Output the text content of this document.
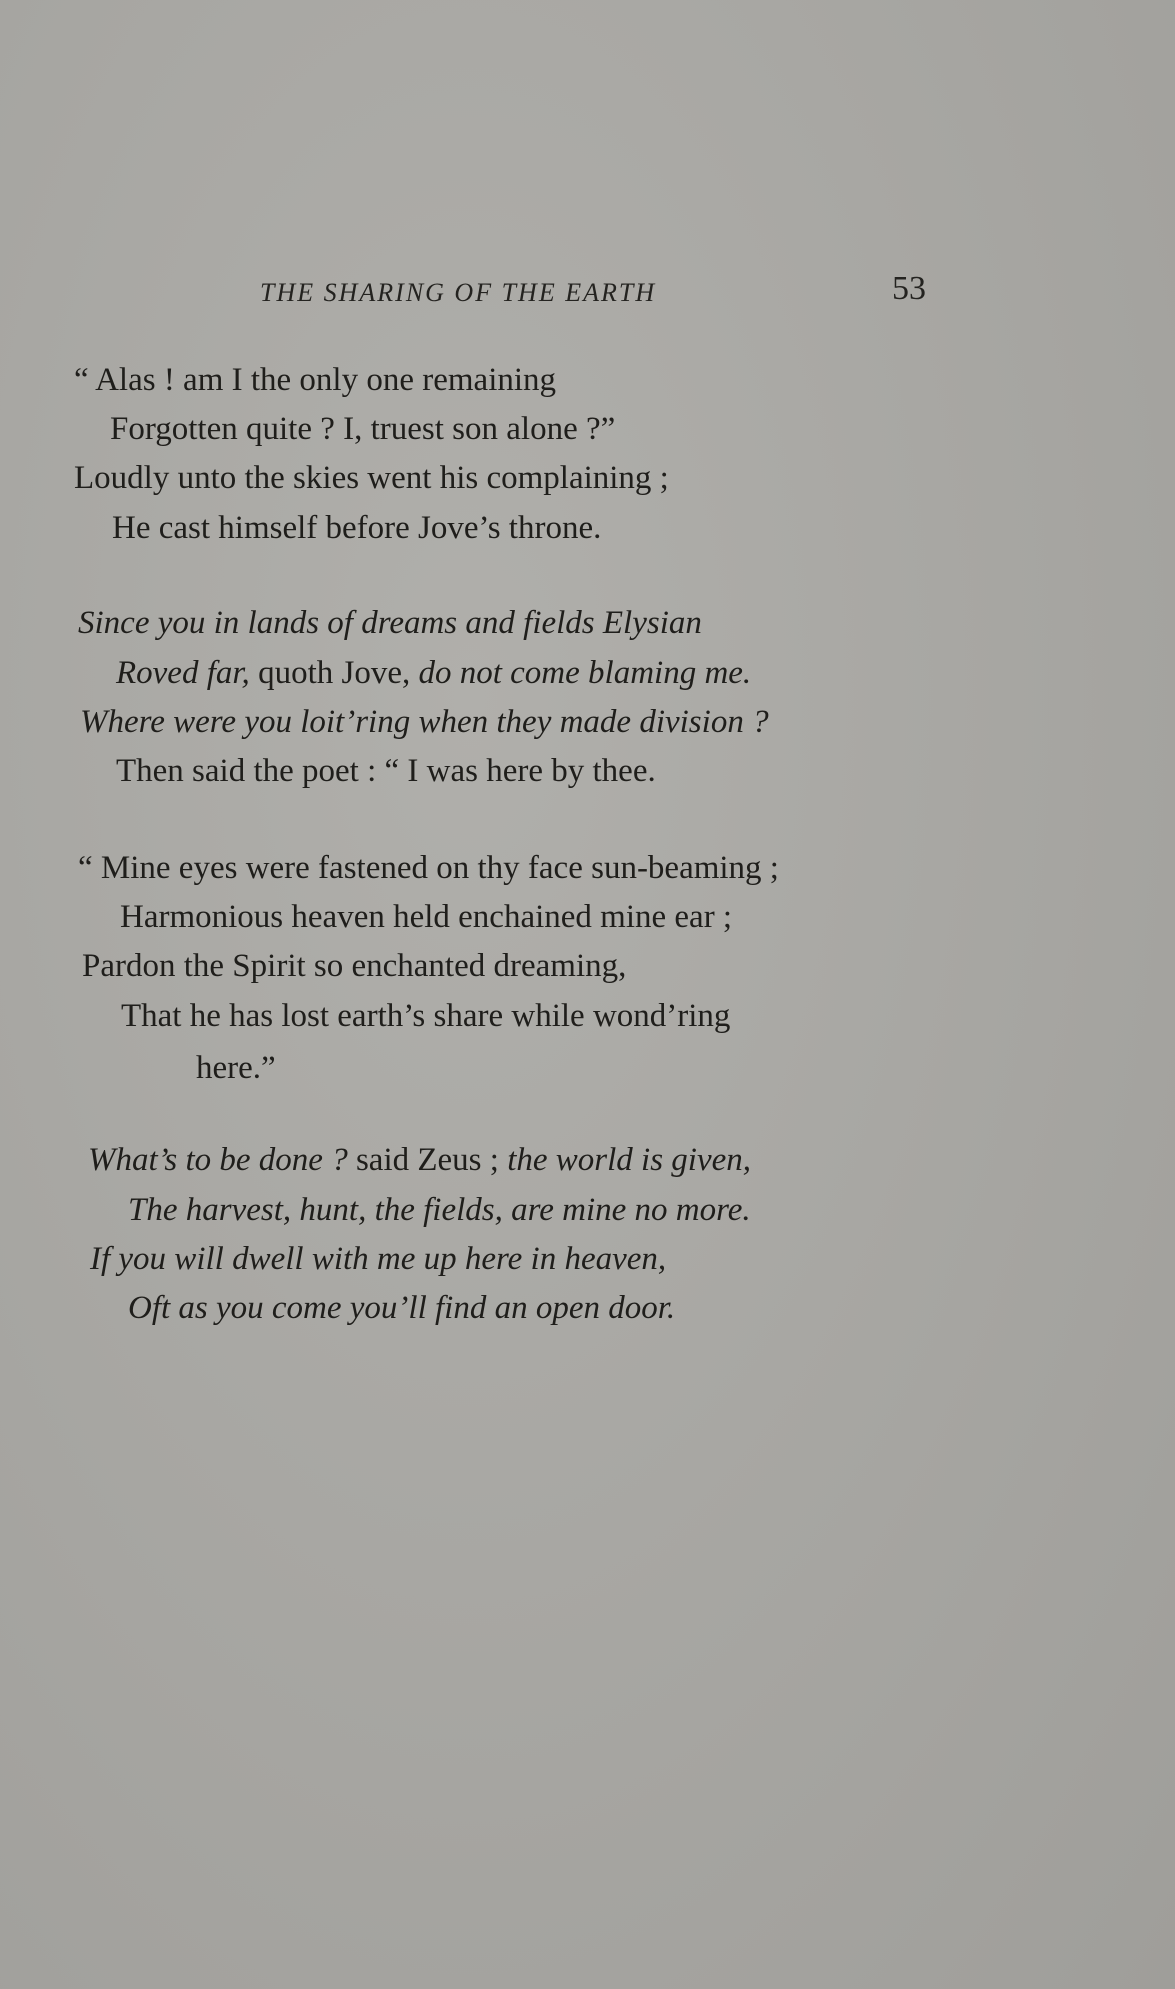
THE SHARING OF THE EARTH	53
“ Alas ! am I the only one remaining
Forgotten quite ? I, truest son alone ?”
Loudly unto the skies went his complaining ;
He cast himself before Jove’s throne.
Since you in lands of dreams and fields Elysian
Roved far, quoth Jove, do not come blaming me.
Where were you loit’ring when they made division ?
Then said the poet : “ I was here by thee.
“ Mine eyes were fastened on thy face sun-beaming ;
Harmonious heaven held enchained mine ear ;
Pardon the Spirit so enchanted dreaming,
That he has lost earth’s share while wond’ring
here.”
What’s to be done ? said Zeus ; the world is given,
The harvest, hunt, the fields, are mine no more.
If you will dwell with me up here in heaven,
Oft as you come you’ll find an open door.
